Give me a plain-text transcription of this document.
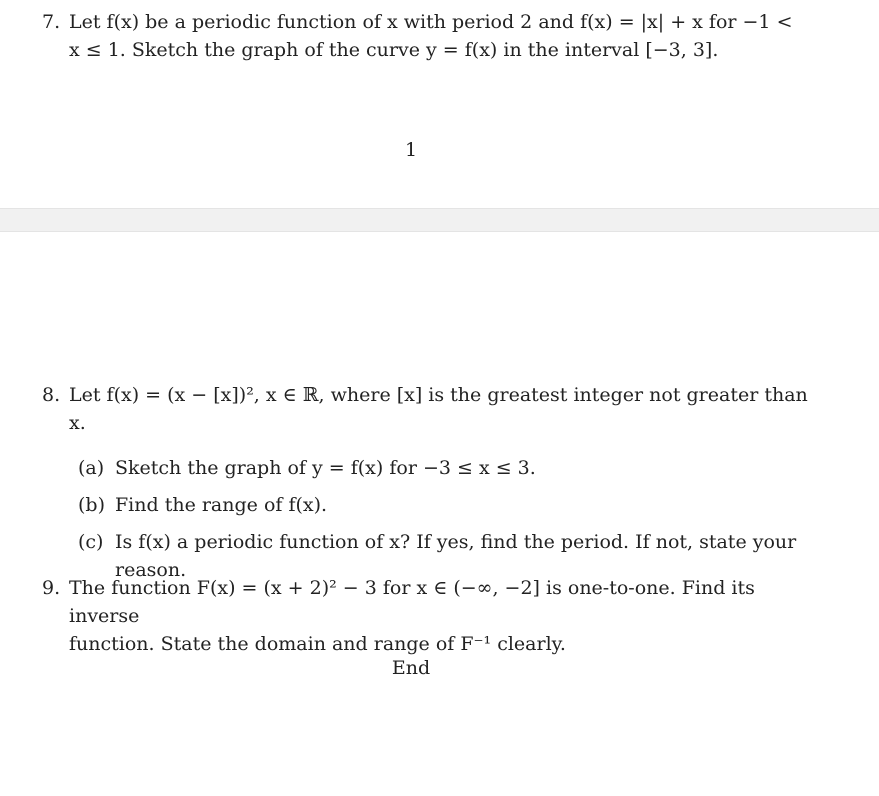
7. Let f(x) be a periodic function of x with period 2 and f(x) = |x| + x for −1 <
x ≤ 1. Sketch the graph of the curve y = f(x) in the interval [−3, 3].
1
8. Let f(x) = (x − [x])², x ∈ ℝ, where [x] is the greatest integer not greater than x.
(a) Sketch the graph of y = f(x) for −3 ≤ x ≤ 3.
(b) Find the range of f(x).
(c) Is f(x) a periodic function of x? If yes, find the period. If not, state your reason.
9. The function F(x) = (x + 2)² − 3 for x ∈ (−∞, −2] is one-to-one. Find its inverse
function. State the domain and range of F⁻¹ clearly.
End
